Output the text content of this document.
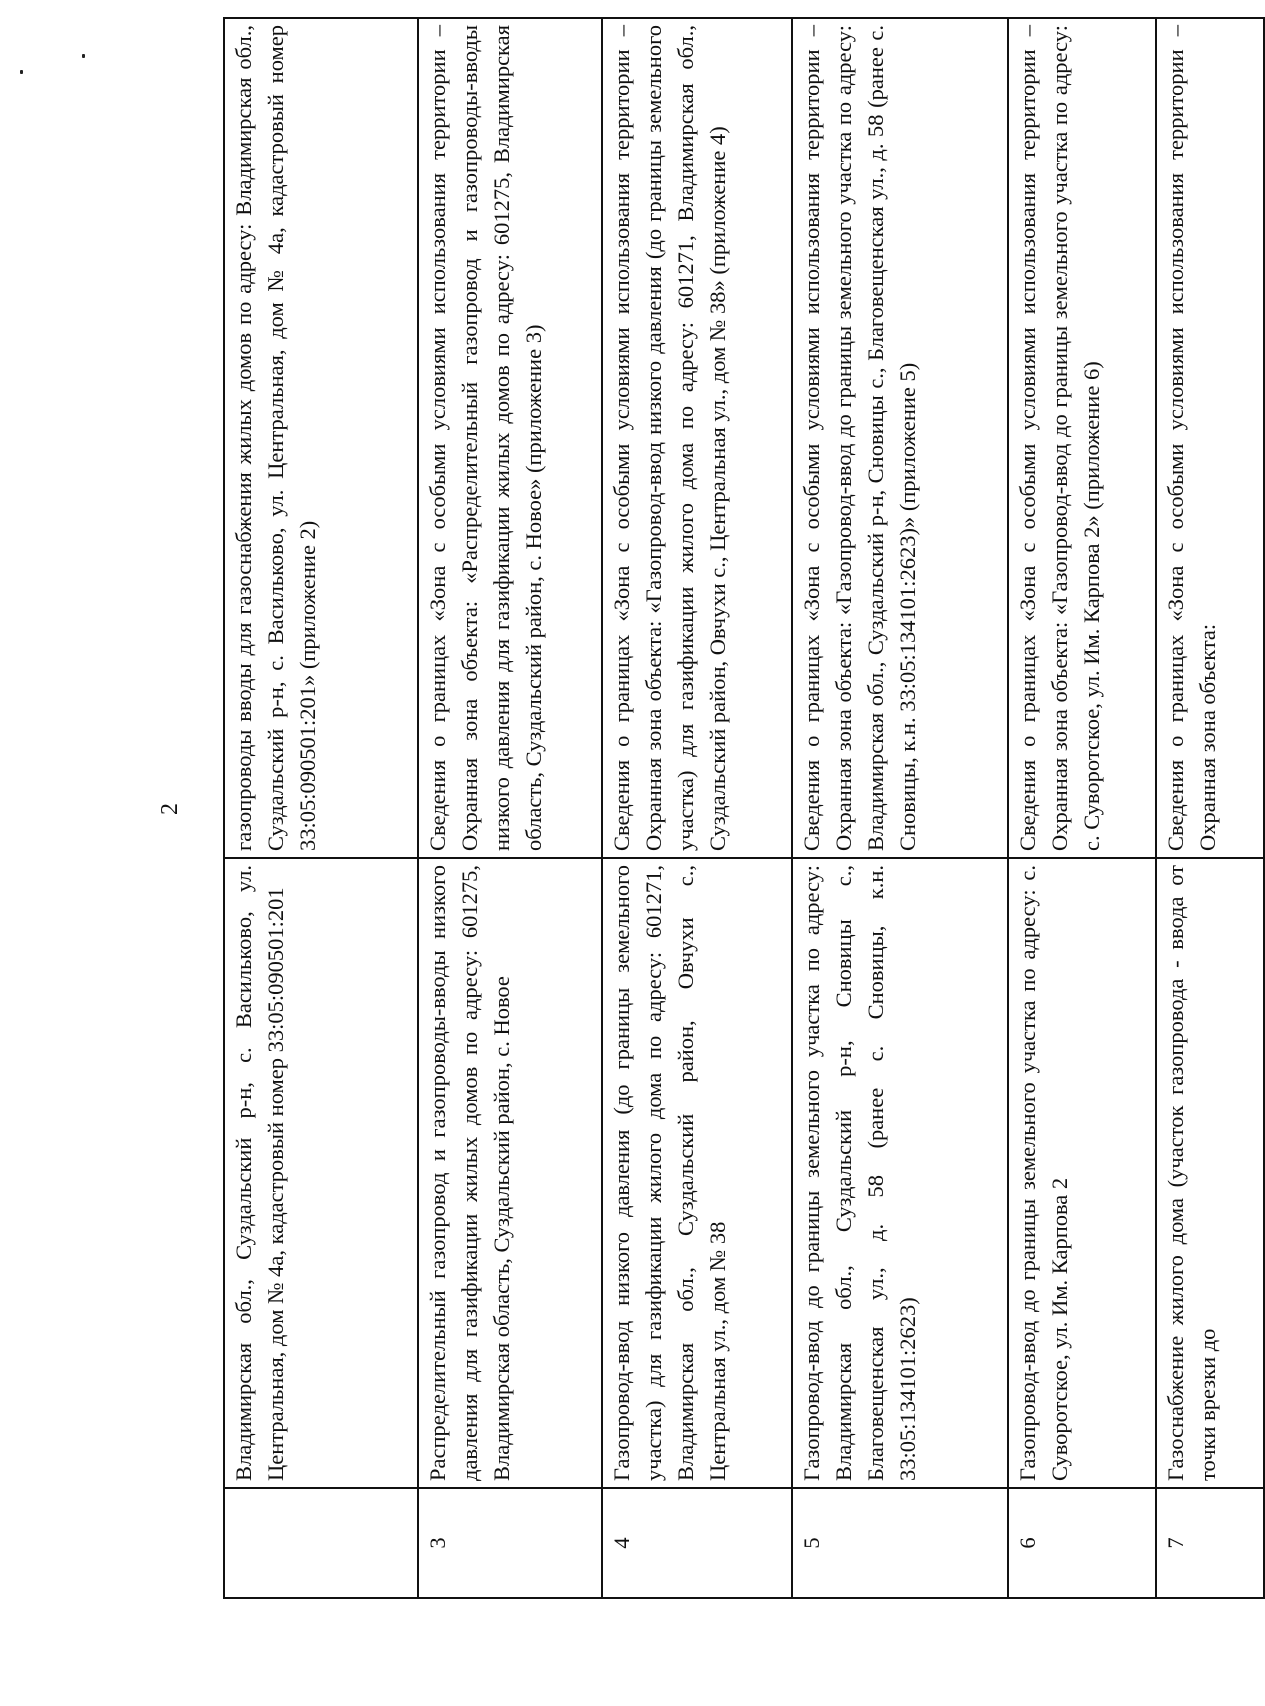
2
	Владимирская обл., Суздальский р-н, с. Васильково, ул. Центральная, дом № 4а, кадастровый номер 33:05:090501:201	газопроводы вводы для газоснабжения жилых домов по адресу: Владимирская обл., Суздальский р-н, с. Васильково, ул. Центральная, дом № 4а, кадастровый номер 33:05:090501:201» (приложение 2)
3	Распределительный газопровод и газопроводы-вводы низкого давления для газификации жилых домов по адресу: 601275, Владимирская область, Суздальский район, с. Новое	Сведения о границах «Зона с особыми условиями использования территории – Охранная зона объекта: «Распределительный газопровод и газопроводы-вводы низкого давления для газификации жилых домов по адресу: 601275, Владимирская область, Суздальский район, с. Новое» (приложение 3)
4	Газопровод-ввод низкого давления (до границы земельного участка) для газификации жилого дома по адресу: 601271, Владимирская обл., Суздальский район, Овчухи с., Центральная ул., дом № 38	Сведения о границах «Зона с особыми условиями использования территории – Охранная зона объекта: «Газопровод-ввод низкого давления (до границы земельного участка) для газификации жилого дома по адресу: 601271, Владимирская обл., Суздальский район, Овчухи с., Центральная ул., дом № 38» (приложение 4)
5	Газопровод-ввод до границы земельного участка по адресу: Владимирская обл., Суздальский р-н, Сновицы с., Благовещенская ул., д. 58 (ранее с. Сновицы, к.н. 33:05:134101:2623)	Сведения о границах «Зона с особыми условиями использования территории – Охранная зона объекта: «Газопровод-ввод до границы земельного участка по адресу: Владимирская обл., Суздальский р-н, Сновицы с., Благовещенская ул., д. 58 (ранее с. Сновицы, к.н. 33:05:134101:2623)» (приложение 5)
6	Газопровод-ввод до границы земельного участка по адресу: с. Суворотское, ул. Им. Карпова 2	Сведения о границах «Зона с особыми условиями использования территории – Охранная зона объекта: «Газопровод-ввод до границы земельного участка по адресу: с. Суворотское, ул. Им. Карпова 2» (приложение 6)
7	Газоснабжение жилого дома (участок газопровода - ввода от точки врезки до	Сведения о границах «Зона с особыми условиями использования территории – Охранная зона объекта:
